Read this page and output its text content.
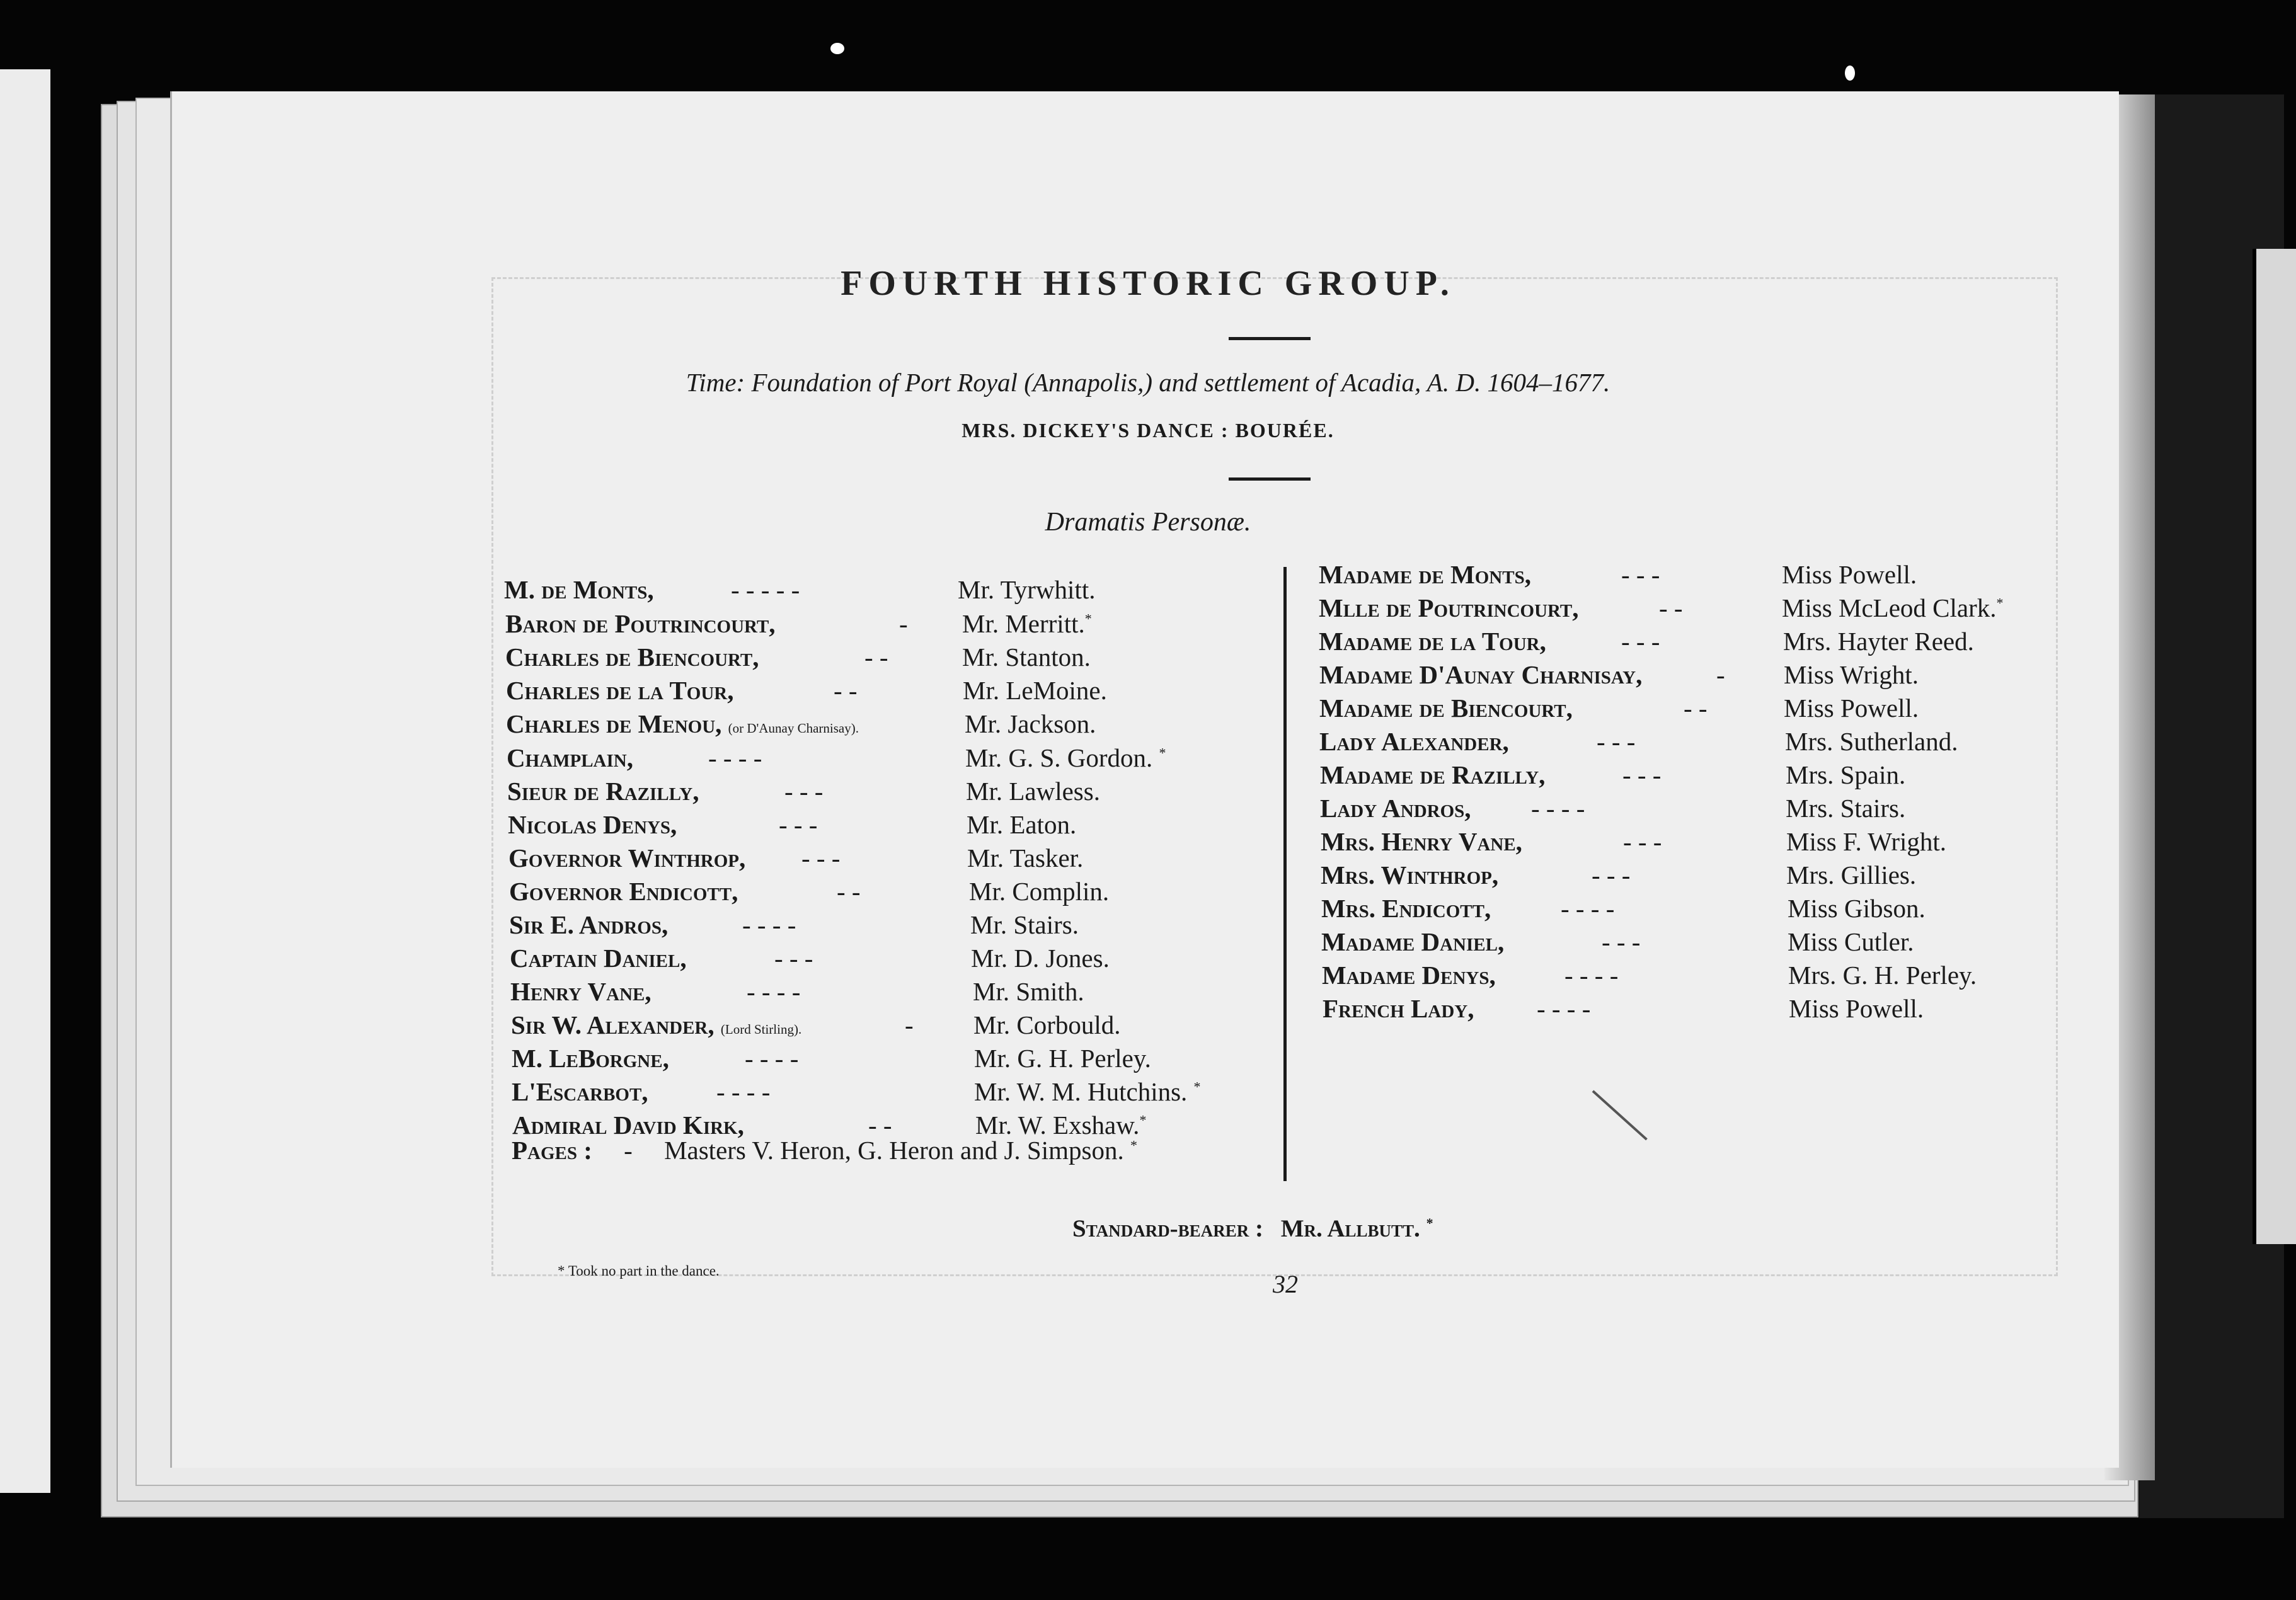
FOURTH HISTORIC GROUP.
Time: Foundation of Port Royal (Annapolis,) and settlement of Acadia, A. D. 1604–1677.
MRS. DICKEY'S DANCE : BOURÉE.
Dramatis Personæ.
M. de Monts,	- - - - -	Mr. Tyrwhitt.
Baron de Poutrincourt,	- Mr. Merritt.*
Charles de Biencourt,	- -	Mr. Stanton.
Charles de la Tour,	- -	Mr. LeMoine.
Charles de Menou, (or D'Aunay Charnisay).	Mr. Jackson.
Champlain,	- - - -	Mr. G. S. Gordon. *
Sieur de Razilly,	- - -	Mr. Lawless.
Nicolas Denys,	- - -	Mr. Eaton.
Governor Winthrop, - - -	Mr. Tasker.
Governor Endicott,	- -	Mr. Complin.
Sir E. Andros,	- - - -	Mr. Stairs.
Captain Daniel,	- - -	Mr. D. Jones.
Henry Vane,	- - - -	Mr. Smith.
Sir W. Alexander, (Lord Stirling).	- Mr. Corbould.
M. LeBorgne,	- - - -	Mr. G. H. Perley.
L'Escarbot,	- - - -	Mr. W. M. Hutchins. *
Admiral David Kirk,	- -	Mr. W. Exshaw.*
Pages : - Masters V. Heron, G. Heron and J. Simpson. *
Madame de Monts,	- - -	Miss Powell.
Mlle de Poutrincourt,	- -	Miss McLeod Clark.*
Madame de la Tour,	- - -	Mrs. Hayter Reed.
Madame D'Aunay Charnisay,	- Miss Wright.
Madame de Biencourt,	- -	Miss Powell.
Lady Alexander,	- - -	Mrs. Sutherland.
Madame de Razilly,	- - -	Mrs. Spain.
Lady Andros, - - - -	Mrs. Stairs.
Mrs. Henry Vane,	- - -	Miss F. Wright.
Mrs. Winthrop,	- - -	Mrs. Gillies.
Mrs. Endicott,	- - - -	Miss Gibson.
Madame Daniel,	- - -	Miss Cutler.
Madame Denys,	- - - -	Mrs. G. H. Perley.
French Lady, - - - -	Miss Powell.
Standard-bearer : Mr. Allbutt. *
* Took no part in the dance.	32
